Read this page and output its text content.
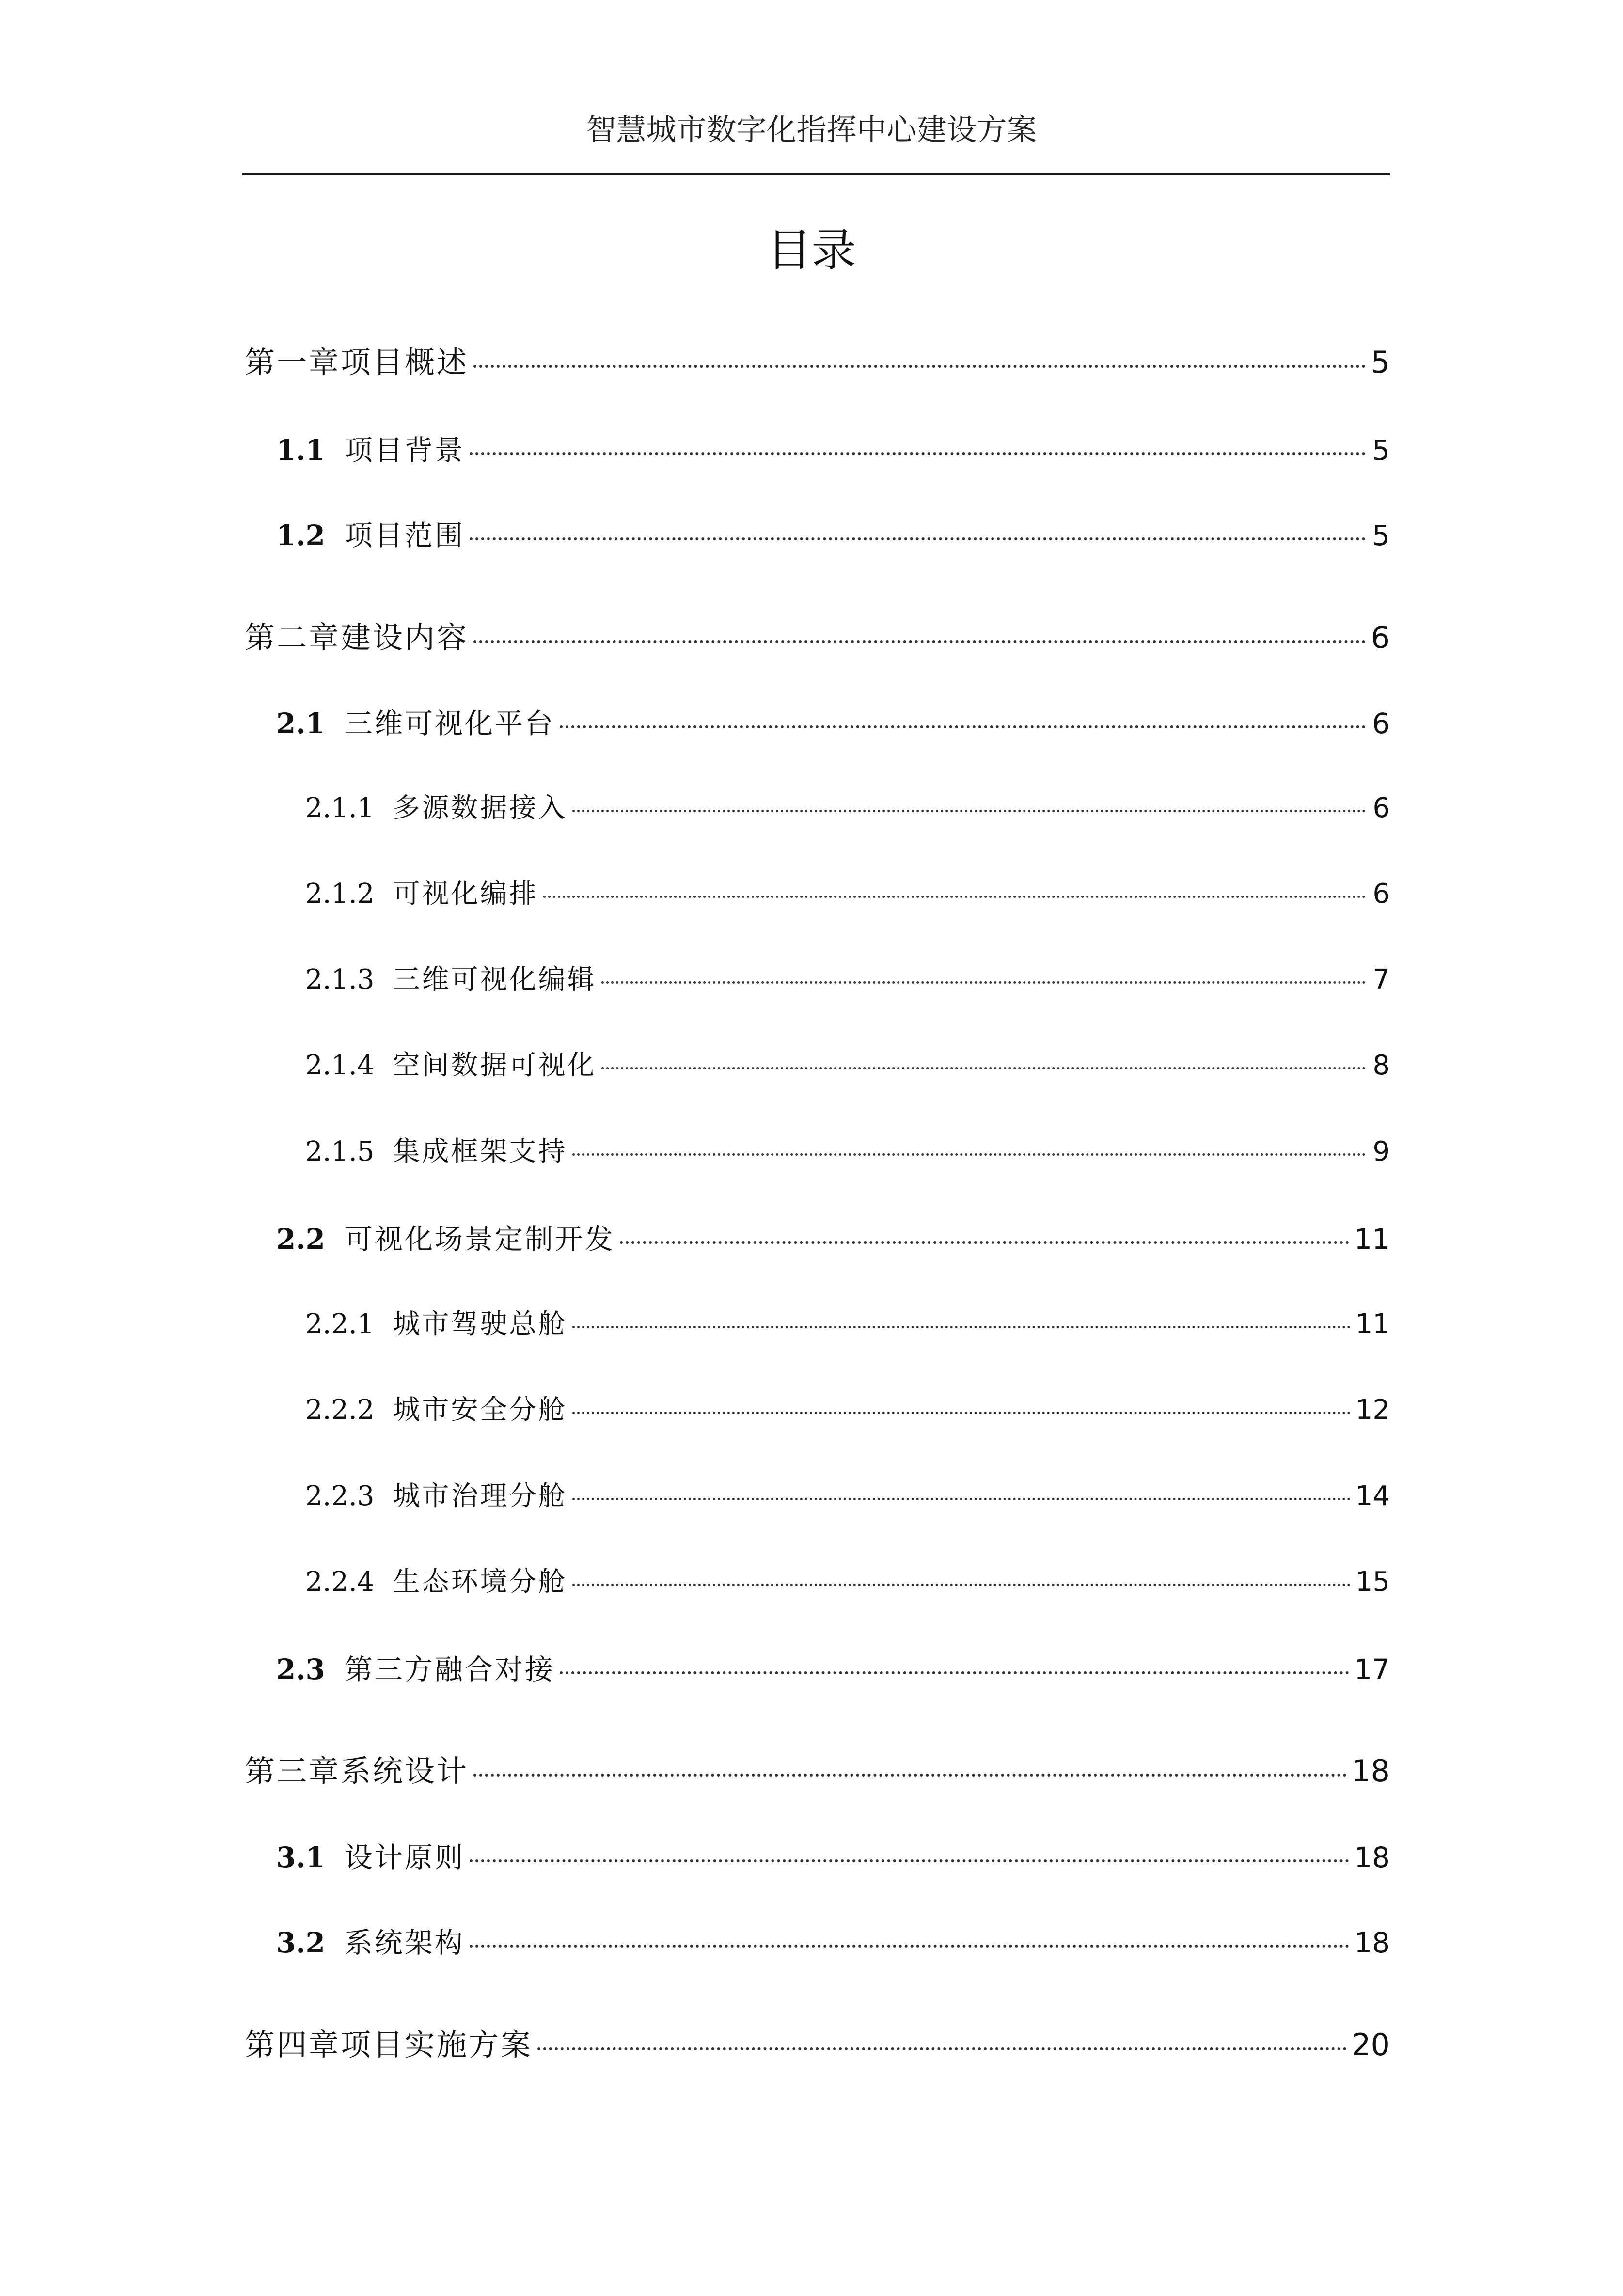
智慧城市数字化指挥中心建设方案
目录
第一章项目概述	5
1.1 项目背景	5
1.2 项目范围	5
第二章建设内容	6
2.1 三维可视化平台	6
2.1.1 多源数据接入	6
2.1.2 可视化编排	6
2.1.3 三维可视化编辑	7
2.1.4 空间数据可视化	8
2.1.5 集成框架支持	9
2.2 可视化场景定制开发	11
2.2.1 城市驾驶总舱	11
2.2.2 城市安全分舱	12
2.2.3 城市治理分舱	14
2.2.4 生态环境分舱	15
2.3 第三方融合对接	17
第三章系统设计	18
3.1 设计原则	18
3.2 系统架构	18
第四章项目实施方案	20
